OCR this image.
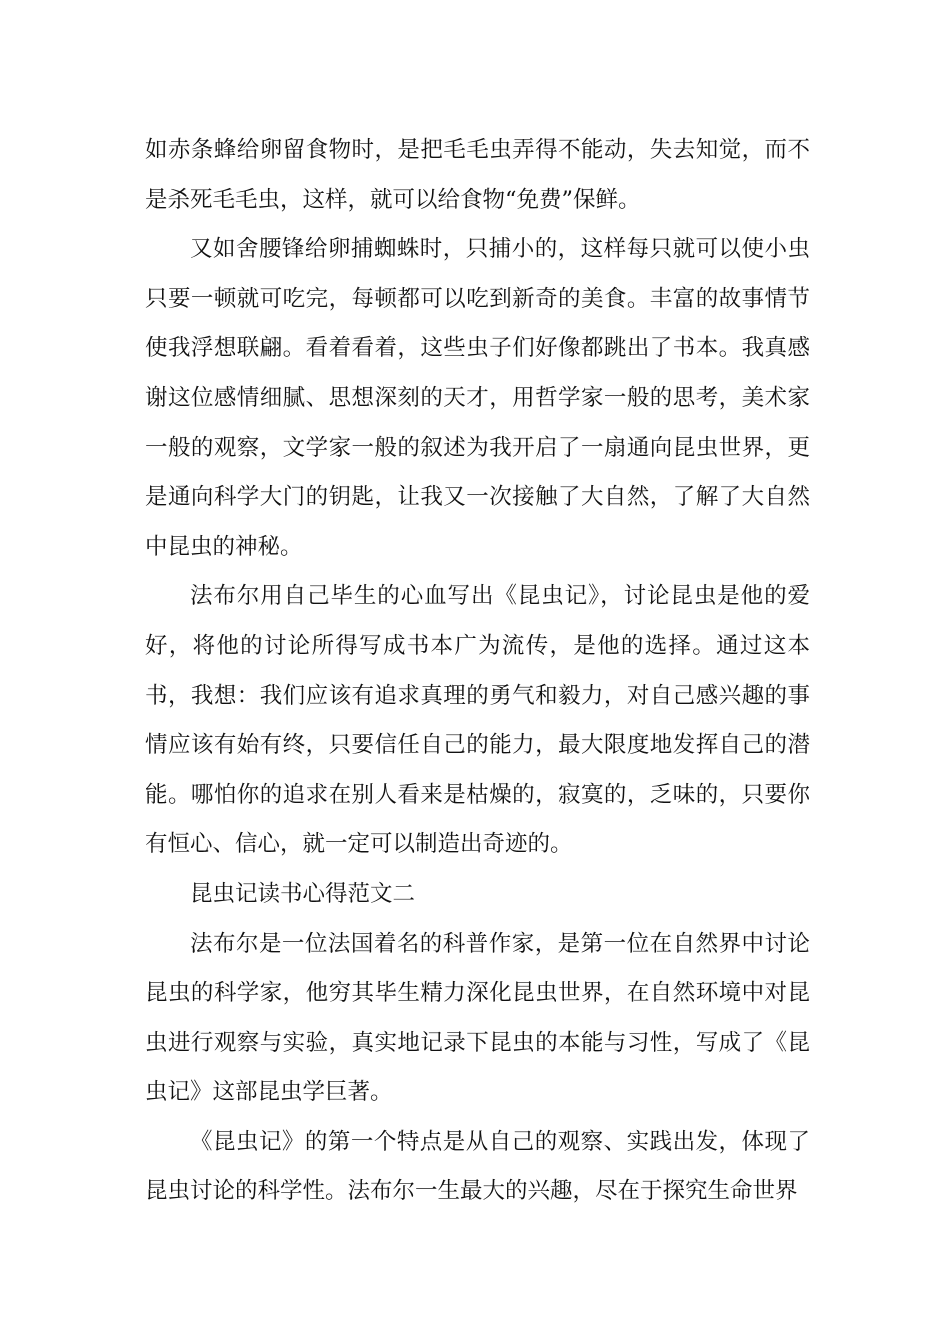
如赤条蜂给卵留食物时，是把毛毛虫弄得不能动，失去知觉，而不是杀死毛毛虫，这样，就可以给食物“免费”保鲜。

又如舍腰锋给卵捕蜘蛛时，只捕小的，这样每只就可以使小虫只要一顿就可吃完，每顿都可以吃到新奇的美食。丰富的故事情节使我浮想联翩。看着看着，这些虫子们好像都跳出了书本。我真感谢这位感情细腻、思想深刻的天才，用哲学家一般的思考，美术家一般的观察，文学家一般的叙述为我开启了一扇通向昆虫世界，更是通向科学大门的钥匙，让我又一次接触了大自然，了解了大自然中昆虫的神秘。

法布尔用自己毕生的心血写出《昆虫记》，讨论昆虫是他的爱好，将他的讨论所得写成书本广为流传，是他的选择。通过这本书，我想：我们应该有追求真理的勇气和毅力，对自己感兴趣的事情应该有始有终，只要信任自己的能力，最大限度地发挥自己的潜能。哪怕你的追求在别人看来是枯燥的，寂寞的，乏味的，只要你有恒心、信心，就一定可以制造出奇迹的。

昆虫记读书心得范文二

法布尔是一位法国着名的科普作家，是第一位在自然界中讨论昆虫的科学家，他穷其毕生精力深化昆虫世界，在自然环境中对昆虫进行观察与实验，真实地记录下昆虫的本能与习性，写成了《昆虫记》这部昆虫学巨著。

《昆虫记》的第一个特点是从自己的观察、实践出发，体现了昆虫讨论的科学性。法布尔一生最大的兴趣，尽在于探究生命世界
